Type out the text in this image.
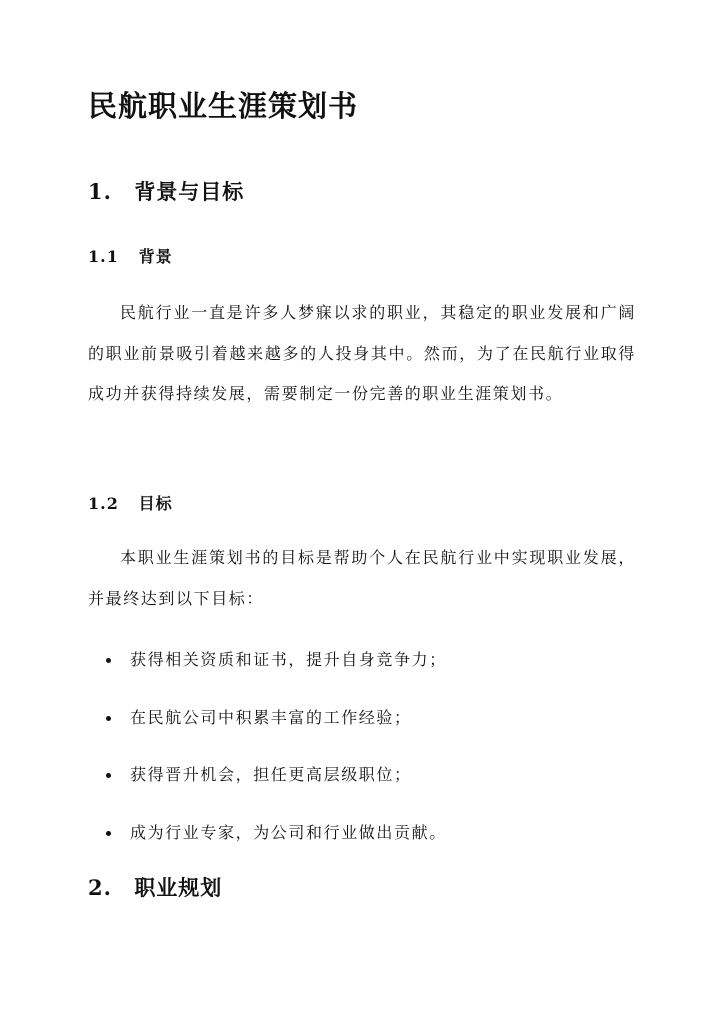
民航职业生涯策划书
1. 背景与目标
1.1 背景

民航行业一直是许多人梦寐以求的职业，其稳定的职业发展和广阔的职业前景吸引着越来越多的人投身其中。然而，为了在民航行业取得成功并获得持续发展，需要制定一份完善的职业生涯策划书。

1.2 目标

本职业生涯策划书的目标是帮助个人在民航行业中实现职业发展，并最终达到以下目标：

获得相关资质和证书，提升自身竞争力；
在民航公司中积累丰富的工作经验；
获得晋升机会，担任更高层级职位；
成为行业专家，为公司和行业做出贡献。
2. 职业规划
